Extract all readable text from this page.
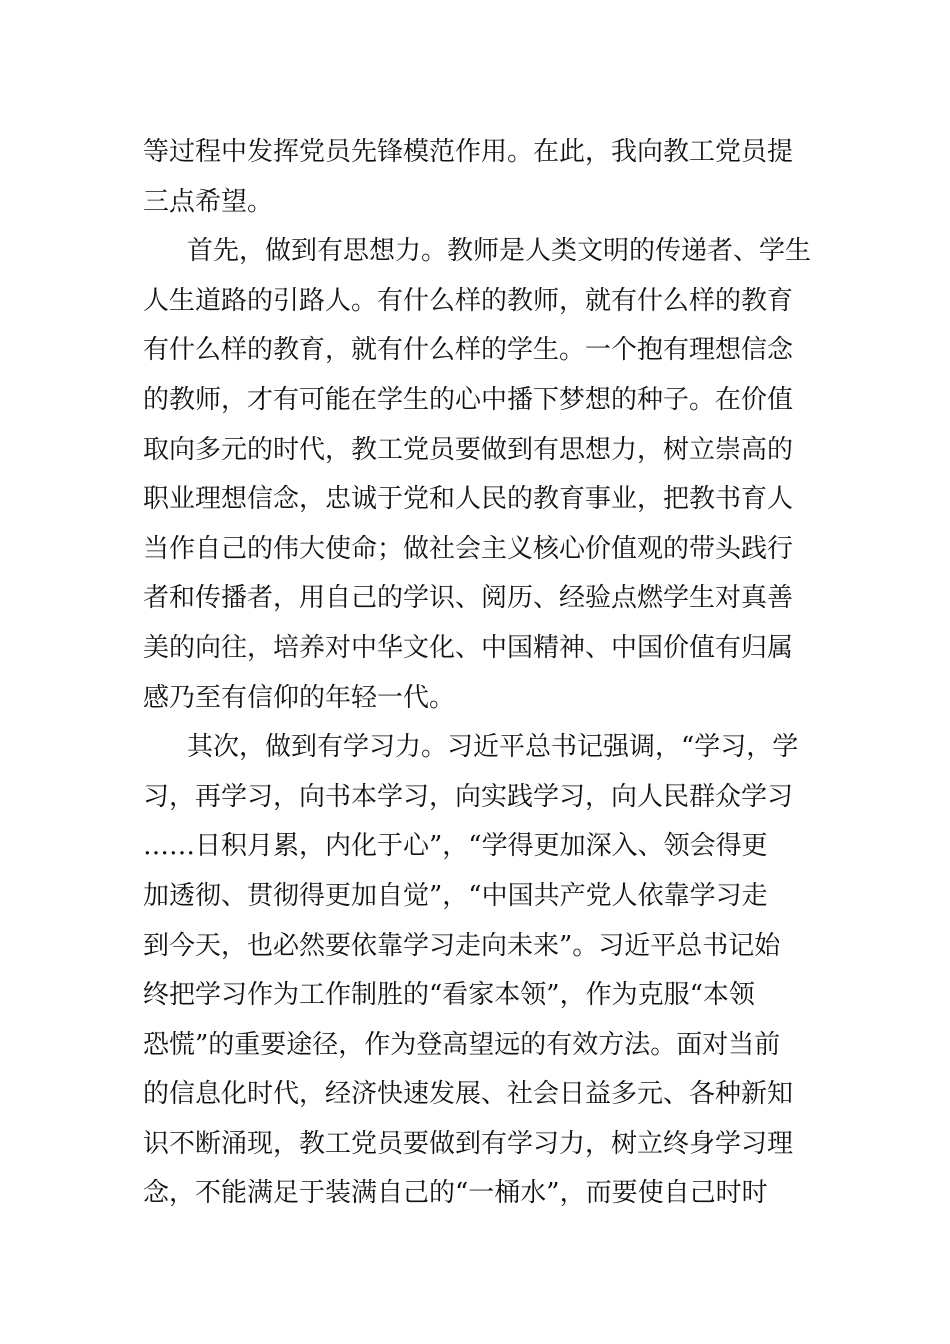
等过程中发挥党员先锋模范作用。在此，我向教工党员提
三点希望。
首先，做到有思想力。教师是人类文明的传递者、学生
人生道路的引路人。有什么样的教师，就有什么样的教育
有什么样的教育，就有什么样的学生。一个抱有理想信念
的教师，才有可能在学生的心中播下梦想的种子。在价值
取向多元的时代，教工党员要做到有思想力，树立崇高的
职业理想信念，忠诚于党和人民的教育事业，把教书育人
当作自己的伟大使命；做社会主义核心价值观的带头践行
者和传播者，用自己的学识、阅历、经验点燃学生对真善
美的向往，培养对中华文化、中国精神、中国价值有归属
感乃至有信仰的年轻一代。
其次，做到有学习力。习近平总书记强调，“学习，学
习，再学习，向书本学习，向实践学习，向人民群众学习
……日积月累，内化于心”，“学得更加深入、领会得更
加透彻、贯彻得更加自觉”，“中国共产党人依靠学习走
到今天，也必然要依靠学习走向未来”。习近平总书记始
终把学习作为工作制胜的“看家本领”，作为克服“本领
恐慌”的重要途径，作为登高望远的有效方法。面对当前
的信息化时代，经济快速发展、社会日益多元、各种新知
识不断涌现，教工党员要做到有学习力，树立终身学习理
念，不能满足于装满自己的“一桶水”，而要使自己时时
